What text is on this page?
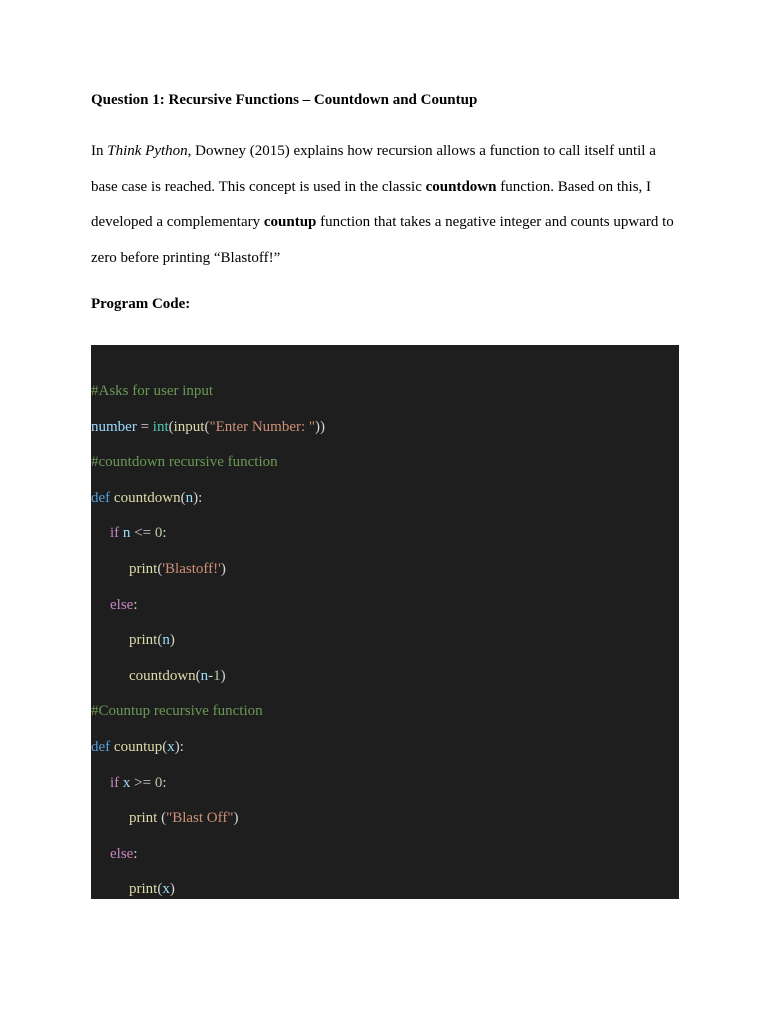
Question 1: Recursive Functions – Countdown and Countup
In Think Python, Downey (2015) explains how recursion allows a function to call itself until a base case is reached. This concept is used in the classic countdown function. Based on this, I developed a complementary countup function that takes a negative integer and counts upward to zero before printing “Blastoff!”
Program Code:
#Asks for user input
number = int(input("Enter Number: "))
#countdown recursive function
def countdown(n):
if n <= 0:
print('Blastoff!')
else:
print(n)
countdown(n-1)
#Countup recursive function
def countup(x):
if x >= 0:
print ("Blast Off")
else:
print(x)
